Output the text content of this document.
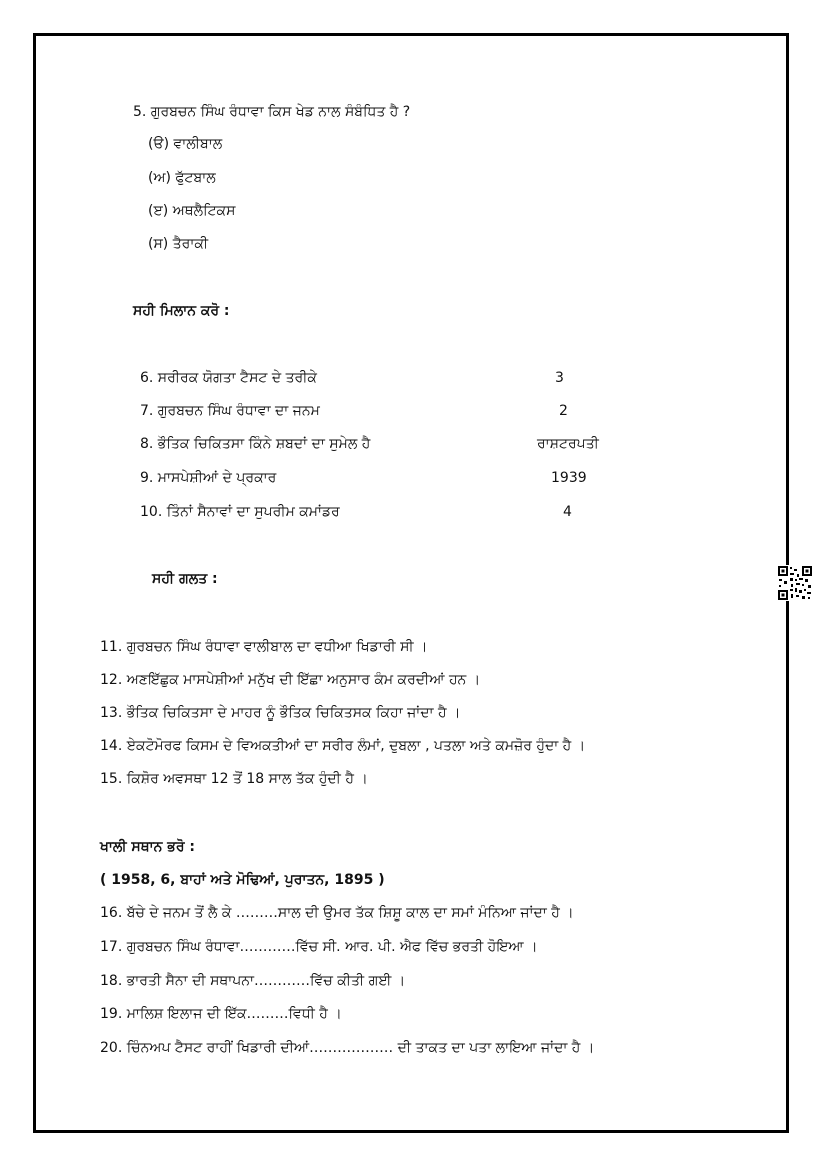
5. ਗੁਰਬਚਨ ਸਿੰਘ ਰੰਧਾਵਾ ਕਿਸ ਖੇਡ ਨਾਲ ਸੰਬੰਧਿਤ ਹੈ ?
(ੳ) ਵਾਲੀਬਾਲ
(ਅ) ਫੁੱਟਬਾਲ
(ੲ) ਅਥਲੈਟਿਕਸ
(ਸ) ਤੈਰਾਕੀ
ਸਹੀ ਮਿਲਾਨ ਕਰੋ :
6. ਸਰੀਰਕ ਯੋਗਤਾ ਟੈਸਟ ਦੇ ਤਰੀਕੇ	3
7. ਗੁਰਬਚਨ ਸਿੰਘ ਰੰਧਾਵਾ ਦਾ ਜਨਮ	2
8. ਭੌਤਿਕ ਚਿਕਿਤਸਾ ਕਿੰਨੇ ਸ਼ਬਦਾਂ ਦਾ ਸੁਮੇਲ ਹੈ	ਰਾਸ਼ਟਰਪਤੀ
9. ਮਾਸਪੇਸ਼ੀਆਂ ਦੇ ਪ੍ਰਕਾਰ	1939
10. ਤਿੰਨਾਂ ਸੈਨਾਵਾਂ ਦਾ ਸੁਪਰੀਮ ਕਮਾਂਡਰ	4
ਸਹੀ ਗਲਤ :
11. ਗੁਰਬਚਨ ਸਿੰਘ ਰੰਧਾਵਾ ਵਾਲੀਬਾਲ ਦਾ ਵਧੀਆ ਖਿਡਾਰੀ ਸੀ ।
12. ਅਣਇੱਛੁਕ ਮਾਸਪੇਸ਼ੀਆਂ ਮਨੁੱਖ ਦੀ ਇੱਛਾ ਅਨੁਸਾਰ ਕੰਮ ਕਰਦੀਆਂ ਹਨ ।
13. ਭੌਤਿਕ ਚਿਕਿਤਸਾ ਦੇ ਮਾਹਰ ਨੂੰ ਭੌਤਿਕ ਚਿਕਿਤਸਕ ਕਿਹਾ ਜਾਂਦਾ ਹੈ ।
14. ਏਕਟੋਮੋਰਫ ਕਿਸਮ ਦੇ ਵਿਅਕਤੀਆਂ ਦਾ ਸਰੀਰ ਲੰਮਾਂ, ਦੁਬਲਾ , ਪਤਲਾ ਅਤੇ ਕਮਜ਼ੋਰ ਹੁੰਦਾ ਹੈ ।
15. ਕਿਸ਼ੋਰ ਅਵਸਥਾ 12 ਤੋਂ 18 ਸਾਲ ਤੱਕ ਹੁੰਦੀ ਹੈ ।
ਖਾਲੀ ਸਥਾਨ ਭਰੋ :
( 1958, 6, ਬਾਹਾਂ ਅਤੇ ਮੋਢਿਆਂ, ਪੁਰਾਤਨ, 1895 )
16. ਬੱਚੇ ਦੇ ਜਨਮ ਤੋਂ ਲੈ ਕੇ ………ਸਾਲ ਦੀ ਉਮਰ ਤੱਕ ਸ਼ਿਸ਼ੂ ਕਾਲ ਦਾ ਸਮਾਂ ਮੰਨਿਆ ਜਾਂਦਾ ਹੈ ।
17. ਗੁਰਬਚਨ ਸਿੰਘ ਰੰਧਾਵਾ…………ਵਿੱਚ ਸੀ. ਆਰ. ਪੀ. ਐਫ ਵਿੱਚ ਭਰਤੀ ਹੋਇਆ ।
18. ਭਾਰਤੀ ਸੈਨਾ ਦੀ ਸਥਾਪਨਾ…………ਵਿੱਚ ਕੀਤੀ ਗਈ ।
19. ਮਾਲਿਸ਼ ਇਲਾਜ ਦੀ ਇੱਕ………ਵਿਧੀ ਹੈ ।
20. ਚਿੰਨਅਪ ਟੈਸਟ ਰਾਹੀਂ ਖਿਡਾਰੀ ਦੀਆਂ……………… ਦੀ ਤਾਕਤ ਦਾ ਪਤਾ ਲਾਇਆ ਜਾਂਦਾ ਹੈ ।
